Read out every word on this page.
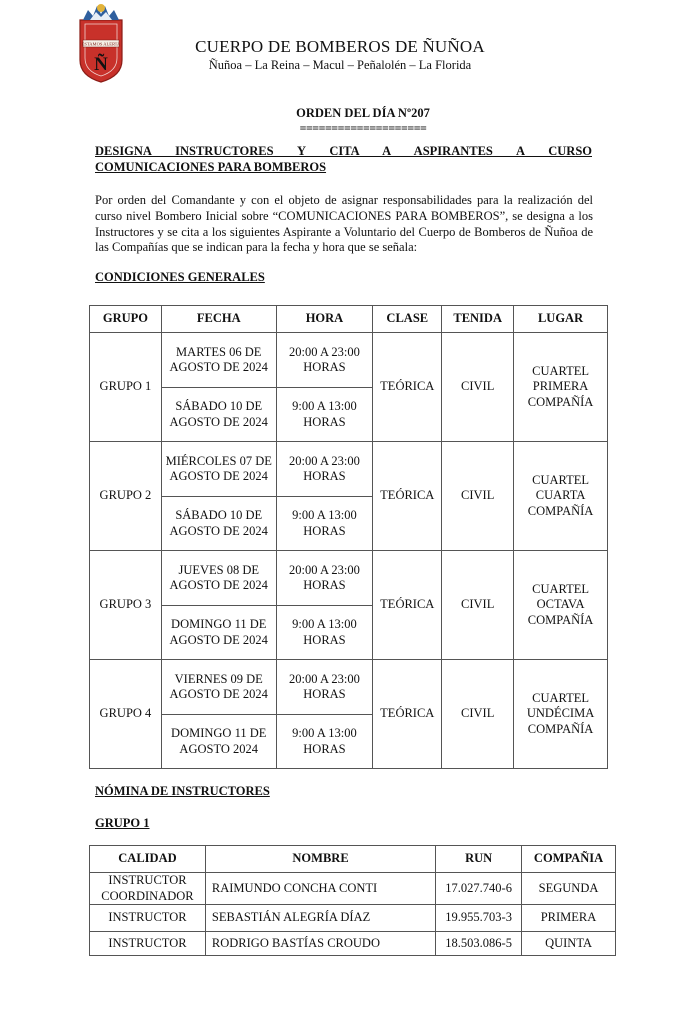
ESTAMOS ALERTA
Ñ
CUERPO DE BOMBEROS DE ÑUÑOA
Ñuñoa – La Reina – Macul – Peñalolén – La Florida
ORDEN DEL DÍA Nº207
====================
DESIGNA INSTRUCTORES Y CITA A ASPIRANTES A CURSO
COMUNICACIONES PARA BOMBEROS
Por orden del Comandante y con el objeto de asignar responsabilidades para la realización del curso nivel Bombero Inicial sobre “COMUNICACIONES PARA BOMBEROS”, se designa a los Instructores y se cita a los siguientes Aspirante a Voluntario del Cuerpo de Bomberos de Ñuñoa de las Compañías que se indican para la fecha y hora que se señala:
CONDICIONES GENERALES
GRUPO	FECHA	HORA	CLASE	TENIDA	LUGAR
GRUPO 1	MARTES 06 DE AGOSTO DE 2024	20:00 A 23:00 HORAS	TEÓRICA	CIVIL	CUARTEL PRIMERA COMPAÑÍA
	SÁBADO 10 DE AGOSTO DE 2024	9:00 A 13:00 HORAS			
GRUPO 2	MIÉRCOLES 07 DE AGOSTO DE 2024	20:00 A 23:00 HORAS	TEÓRICA	CIVIL	CUARTEL CUARTA COMPAÑÍA
	SÁBADO 10 DE AGOSTO DE 2024	9:00 A 13:00 HORAS			
GRUPO 3	JUEVES 08 DE AGOSTO DE 2024	20:00 A 23:00 HORAS	TEÓRICA	CIVIL	CUARTEL OCTAVA COMPAÑÍA
	DOMINGO 11 DE AGOSTO DE 2024	9:00 A 13:00 HORAS			
GRUPO 4	VIERNES 09 DE AGOSTO DE 2024	20:00 A 23:00 HORAS	TEÓRICA	CIVIL	CUARTEL UNDÉCIMA COMPAÑÍA
	DOMINGO 11 DE AGOSTO 2024	9:00 A 13:00 HORAS			
NÓMINA DE INSTRUCTORES
GRUPO 1
CALIDAD	NOMBRE	RUN	COMPAÑIA
INSTRUCTOR COORDINADOR	RAIMUNDO CONCHA CONTI	17.027.740-6	SEGUNDA
INSTRUCTOR	SEBASTIÁN ALEGRÍA DÍAZ	19.955.703-3	PRIMERA
INSTRUCTOR	RODRIGO BASTÍAS CROUDO	18.503.086-5	QUINTA
